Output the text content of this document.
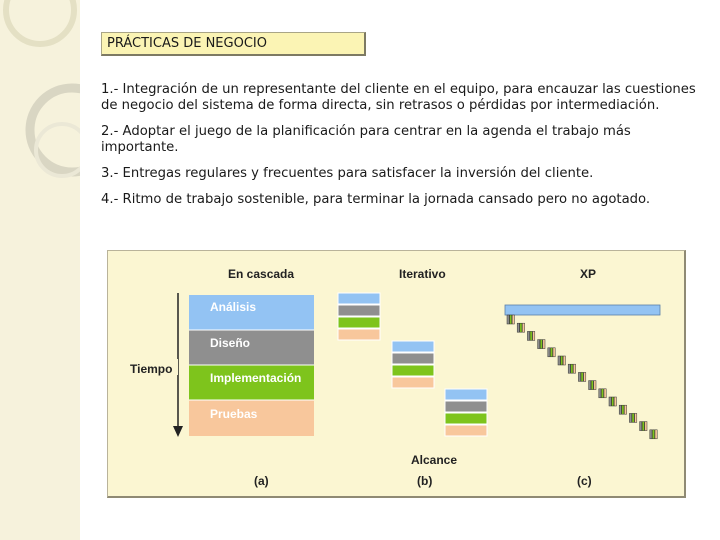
PRÁCTICAS DE NEGOCIO
1.- Integración de un representante del cliente en el equipo, para encauzar las cuestiones de negocio del sistema de forma directa, sin retrasos o pérdidas por intermediación.
2.- Adoptar el juego de la planificación para centrar en la agenda el trabajo más importante.
3.- Entregas regulares y frecuentes para satisfacer la inversión del cliente.
4.- Ritmo de trabajo sostenible, para terminar la jornada cansado pero no agotado.
En cascada	Iterativo	XP
Tiempo
Análisis
Diseño
Implementación
Pruebas
Alcance
(a)	(b)	(c)
